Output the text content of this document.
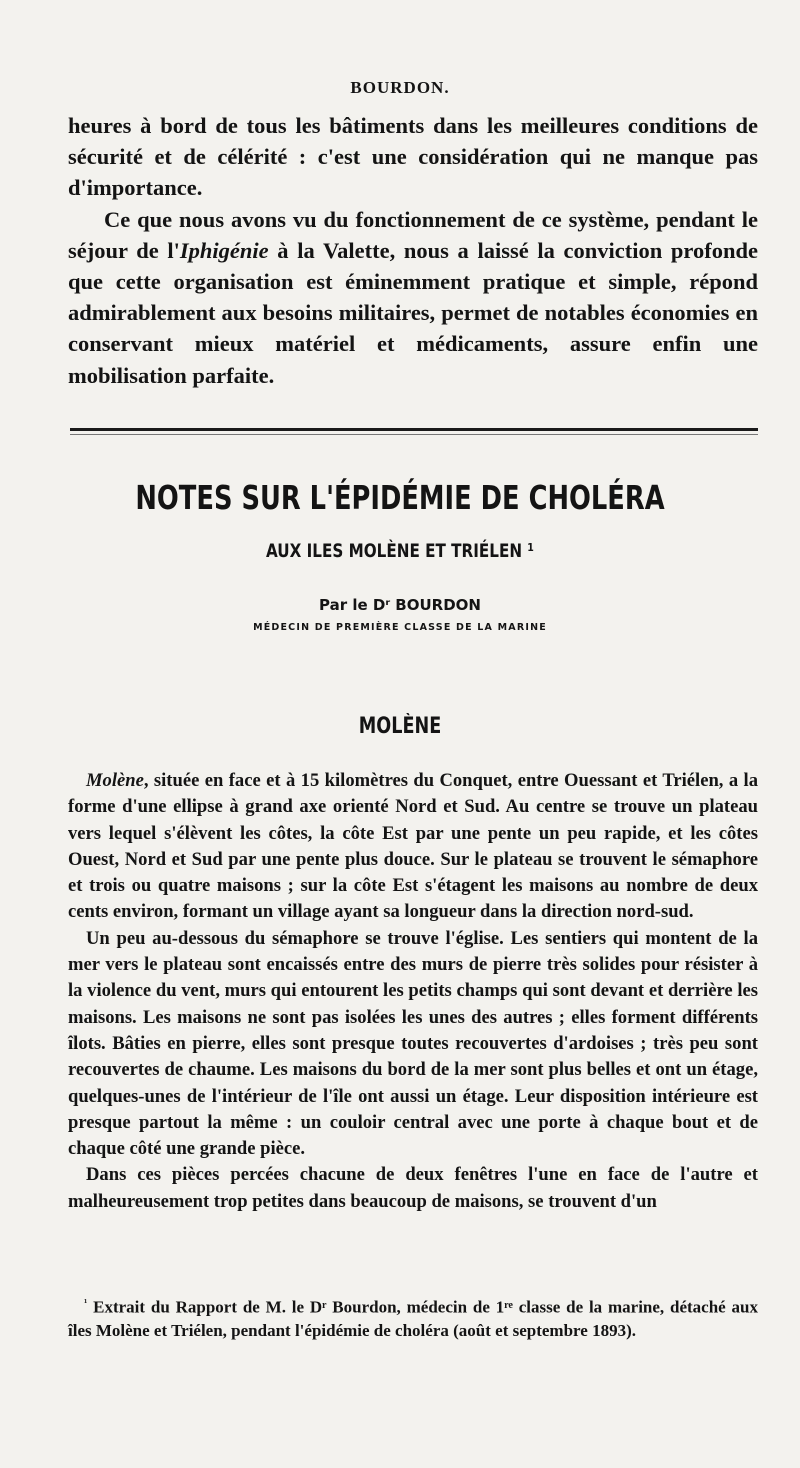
BOURDON.

heures à bord de tous les bâtiments dans les meilleures conditions de sécurité et de célérité : c'est une considération qui ne manque pas d'importance.

Ce que nous avons vu du fonctionnement de ce système, pendant le séjour de l'Iphigénie à la Valette, nous a laissé la conviction profonde que cette organisation est éminemment pratique et simple, répond admirablement aux besoins militaires, permet de notables économies en conservant mieux matériel et médicaments, assure enfin une mobilisation parfaite.

NOTES SUR L'ÉPIDÉMIE DE CHOLÉRA
AUX ILES MOLÈNE ET TRIÉLEN ¹
Par le Dʳ BOURDON
MÉDECIN DE PREMIÈRE CLASSE DE LA MARINE
MOLÈNE

Molène, située en face et à 15 kilomètres du Conquet, entre Ouessant et Triélen, a la forme d'une ellipse à grand axe orienté Nord et Sud. Au centre se trouve un plateau vers lequel s'élèvent les côtes, la côte Est par une pente un peu rapide, et les côtes Ouest, Nord et Sud par une pente plus douce. Sur le plateau se trouvent le sémaphore et trois ou quatre maisons ; sur la côte Est s'étagent les maisons au nombre de deux cents environ, formant un village ayant sa longueur dans la direction nord-sud.

Un peu au-dessous du sémaphore se trouve l'église. Les sentiers qui montent de la mer vers le plateau sont encaissés entre des murs de pierre très solides pour résister à la violence du vent, murs qui entourent les petits champs qui sont devant et derrière les maisons. Les maisons ne sont pas isolées les unes des autres ; elles forment différents îlots. Bâties en pierre, elles sont presque toutes recouvertes d'ardoises ; très peu sont recouvertes de chaume. Les maisons du bord de la mer sont plus belles et ont un étage, quelques-unes de l'intérieur de l'île ont aussi un étage. Leur disposition intérieure est presque partout la même : un couloir central avec une porte à chaque bout et de chaque côté une grande pièce.

Dans ces pièces percées chacune de deux fenêtres l'une en face de l'autre et malheureusement trop petites dans beaucoup de maisons, se trouvent d'un

$^{^1}$ Extrait du Rapport de M. le Dʳ Bourdon, médecin de 1ʳᵉ classe de la marine, détaché aux îles Molène et Triélen, pendant l'épidémie de choléra (août et septembre 1893).
